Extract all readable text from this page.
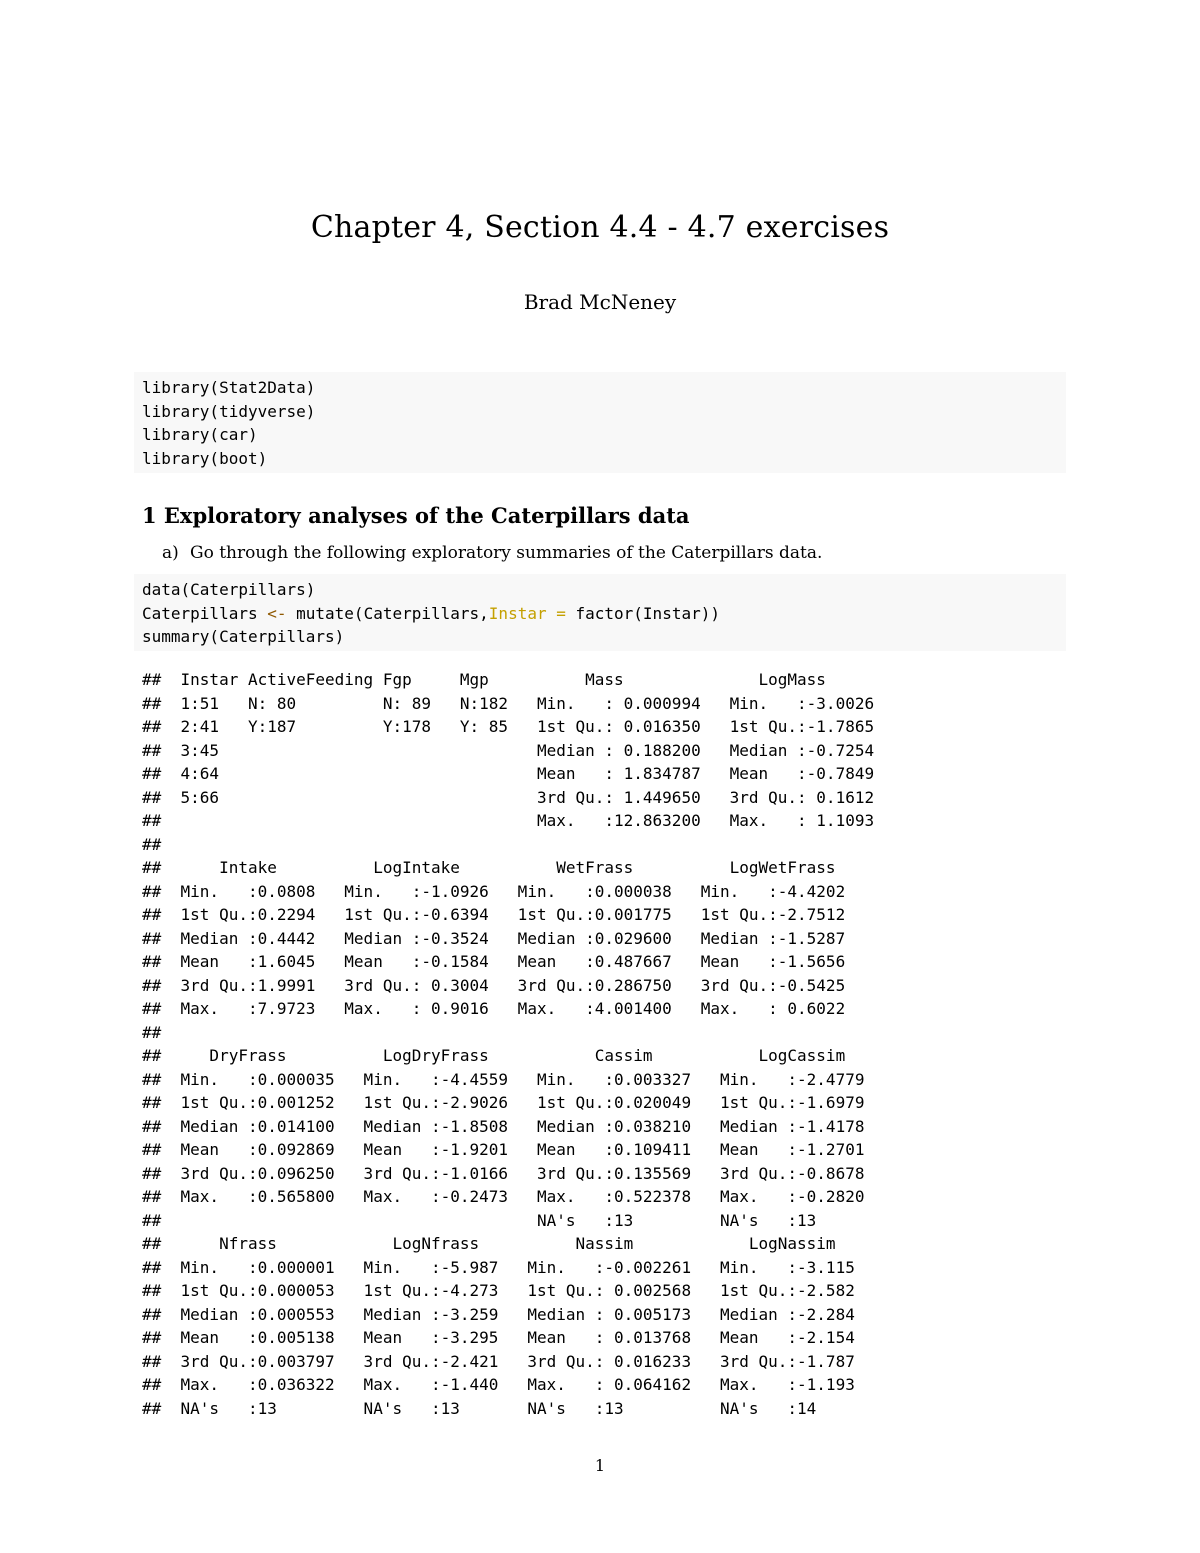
Chapter 4, Section 4.4 - 4.7 exercises
Brad McNeney
library(Stat2Data)
library(tidyverse)
library(car)
library(boot)
1 Exploratory analyses of the Caterpillars data
a) Go through the following exploratory summaries of the Caterpillars data.
data(Caterpillars)
Caterpillars <- mutate(Caterpillars,Instar = factor(Instar))
summary(Caterpillars)
##  Instar ActiveFeeding Fgp     Mgp          Mass              LogMass
##  1:51   N: 80         N: 89   N:182   Min.   : 0.000994   Min.   :-3.0026
##  2:41   Y:187         Y:178   Y: 85   1st Qu.: 0.016350   1st Qu.:-1.7865
##  3:45                                 Median : 0.188200   Median :-0.7254
##  4:64                                 Mean   : 1.834787   Mean   :-0.7849
##  5:66                                 3rd Qu.: 1.449650   3rd Qu.: 0.1612
##                                       Max.   :12.863200   Max.   : 1.1093
##
##      Intake          LogIntake          WetFrass          LogWetFrass
##  Min.   :0.0808   Min.   :-1.0926   Min.   :0.000038   Min.   :-4.4202
##  1st Qu.:0.2294   1st Qu.:-0.6394   1st Qu.:0.001775   1st Qu.:-2.7512
##  Median :0.4442   Median :-0.3524   Median :0.029600   Median :-1.5287
##  Mean   :1.6045   Mean   :-0.1584   Mean   :0.487667   Mean   :-1.5656
##  3rd Qu.:1.9991   3rd Qu.: 0.3004   3rd Qu.:0.286750   3rd Qu.:-0.5425
##  Max.   :7.9723   Max.   : 0.9016   Max.   :4.001400   Max.   : 0.6022
##
##     DryFrass          LogDryFrass           Cassim           LogCassim
##  Min.   :0.000035   Min.   :-4.4559   Min.   :0.003327   Min.   :-2.4779
##  1st Qu.:0.001252   1st Qu.:-2.9026   1st Qu.:0.020049   1st Qu.:-1.6979
##  Median :0.014100   Median :-1.8508   Median :0.038210   Median :-1.4178
##  Mean   :0.092869   Mean   :-1.9201   Mean   :0.109411   Mean   :-1.2701
##  3rd Qu.:0.096250   3rd Qu.:-1.0166   3rd Qu.:0.135569   3rd Qu.:-0.8678
##  Max.   :0.565800   Max.   :-0.2473   Max.   :0.522378   Max.   :-0.2820
##                                       NA's   :13         NA's   :13
##      Nfrass            LogNfrass          Nassim            LogNassim
##  Min.   :0.000001   Min.   :-5.987   Min.   :-0.002261   Min.   :-3.115
##  1st Qu.:0.000053   1st Qu.:-4.273   1st Qu.: 0.002568   1st Qu.:-2.582
##  Median :0.000553   Median :-3.259   Median : 0.005173   Median :-2.284
##  Mean   :0.005138   Mean   :-3.295   Mean   : 0.013768   Mean   :-2.154
##  3rd Qu.:0.003797   3rd Qu.:-2.421   3rd Qu.: 0.016233   3rd Qu.:-1.787
##  Max.   :0.036322   Max.   :-1.440   Max.   : 0.064162   Max.   :-1.193
##  NA's   :13         NA's   :13       NA's   :13          NA's   :14
1
